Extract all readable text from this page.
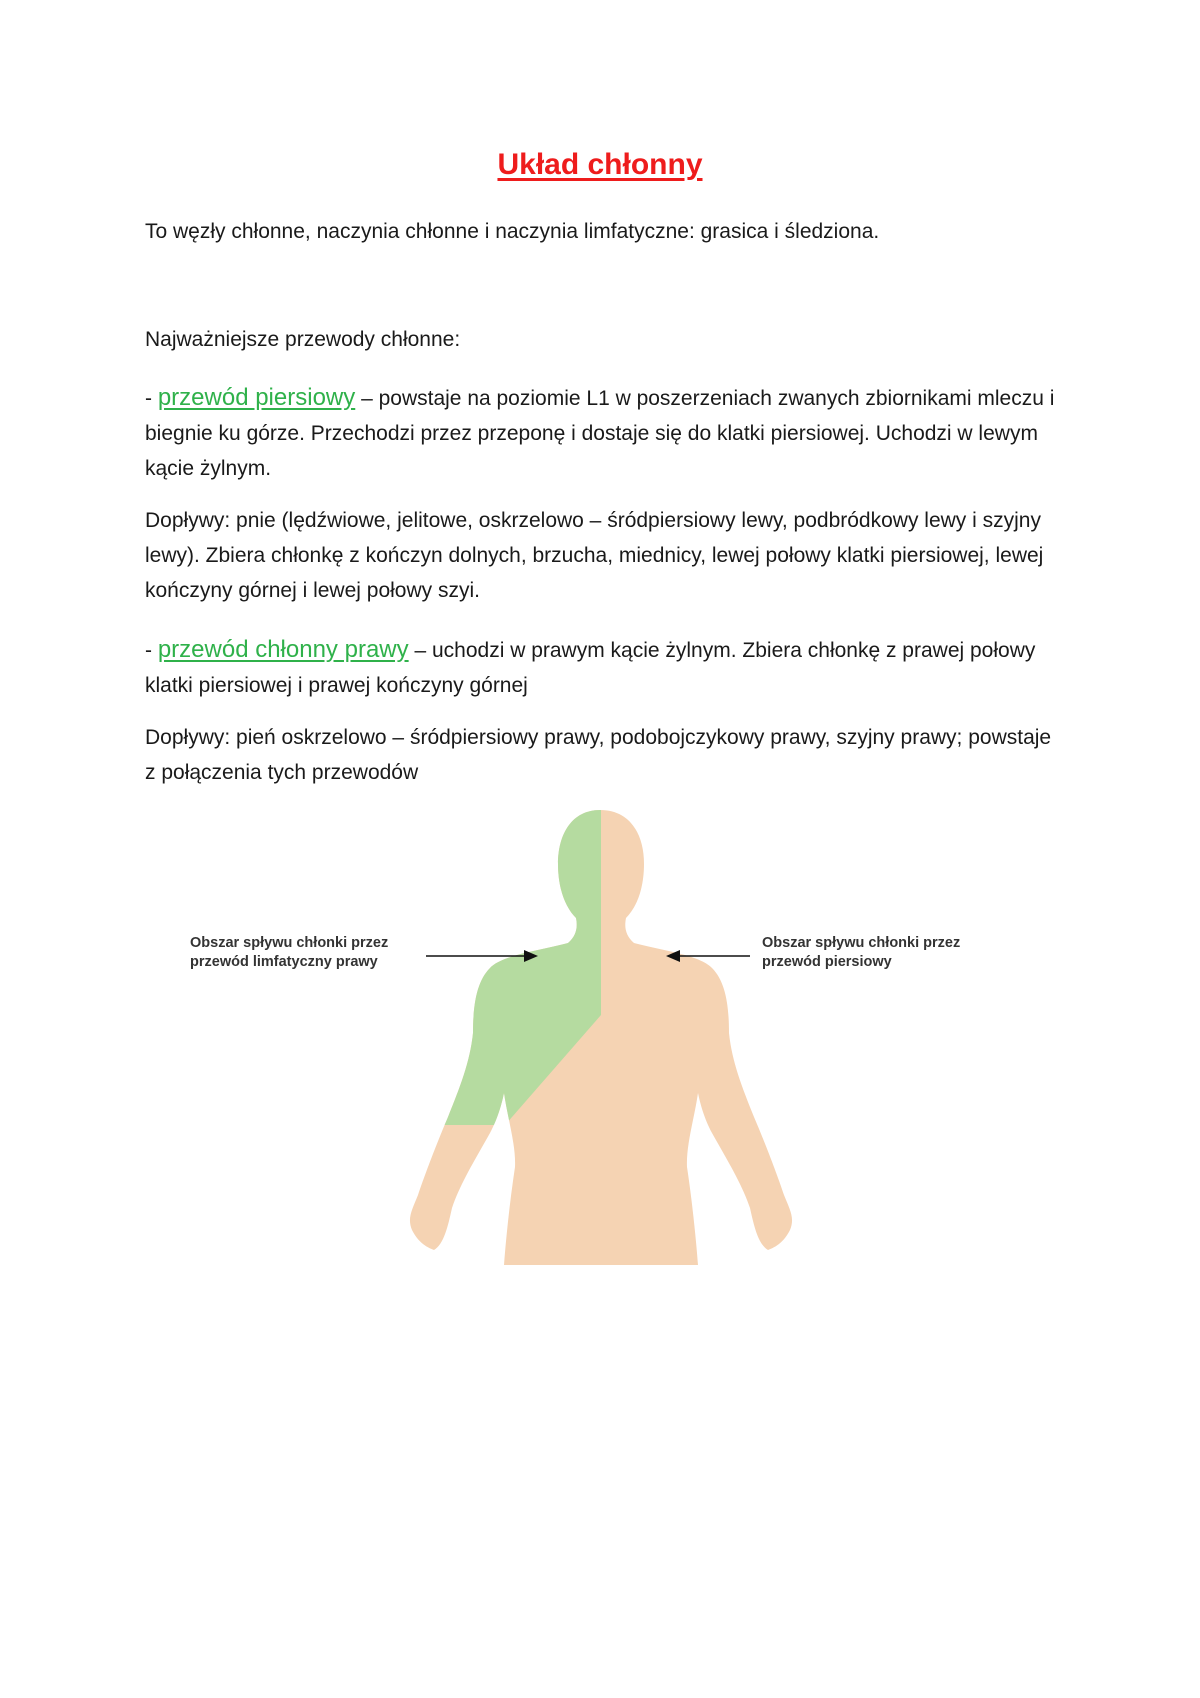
Układ chłonny

To węzły chłonne, naczynia chłonne i naczynia limfatyczne: grasica i śledziona.

Najważniejsze przewody chłonne:

- przewód piersiowy – powstaje na poziomie L1 w poszerzeniach zwanych zbiornikami mleczu i biegnie ku górze. Przechodzi przez przeponę i dostaje się do klatki piersiowej. Uchodzi w lewym kącie żylnym.

Dopływy: pnie (lędźwiowe, jelitowe, oskrzelowo – śródpiersiowy lewy, podbródkowy lewy i szyjny lewy). Zbiera chłonkę z kończyn dolnych, brzucha, miednicy, lewej połowy klatki piersiowej, lewej kończyny górnej i lewej połowy szyi.

- przewód chłonny prawy – uchodzi w prawym kącie żylnym. Zbiera chłonkę z prawej połowy klatki piersiowej i prawej kończyny górnej

Dopływy: pień oskrzelowo – śródpiersiowy prawy, podobojczykowy prawy, szyjny prawy; powstaje z połączenia tych przewodów

Obszar spływu chłonki przez
przewód limfatyczny prawy
Obszar spływu chłonki przez
przewód piersiowy
